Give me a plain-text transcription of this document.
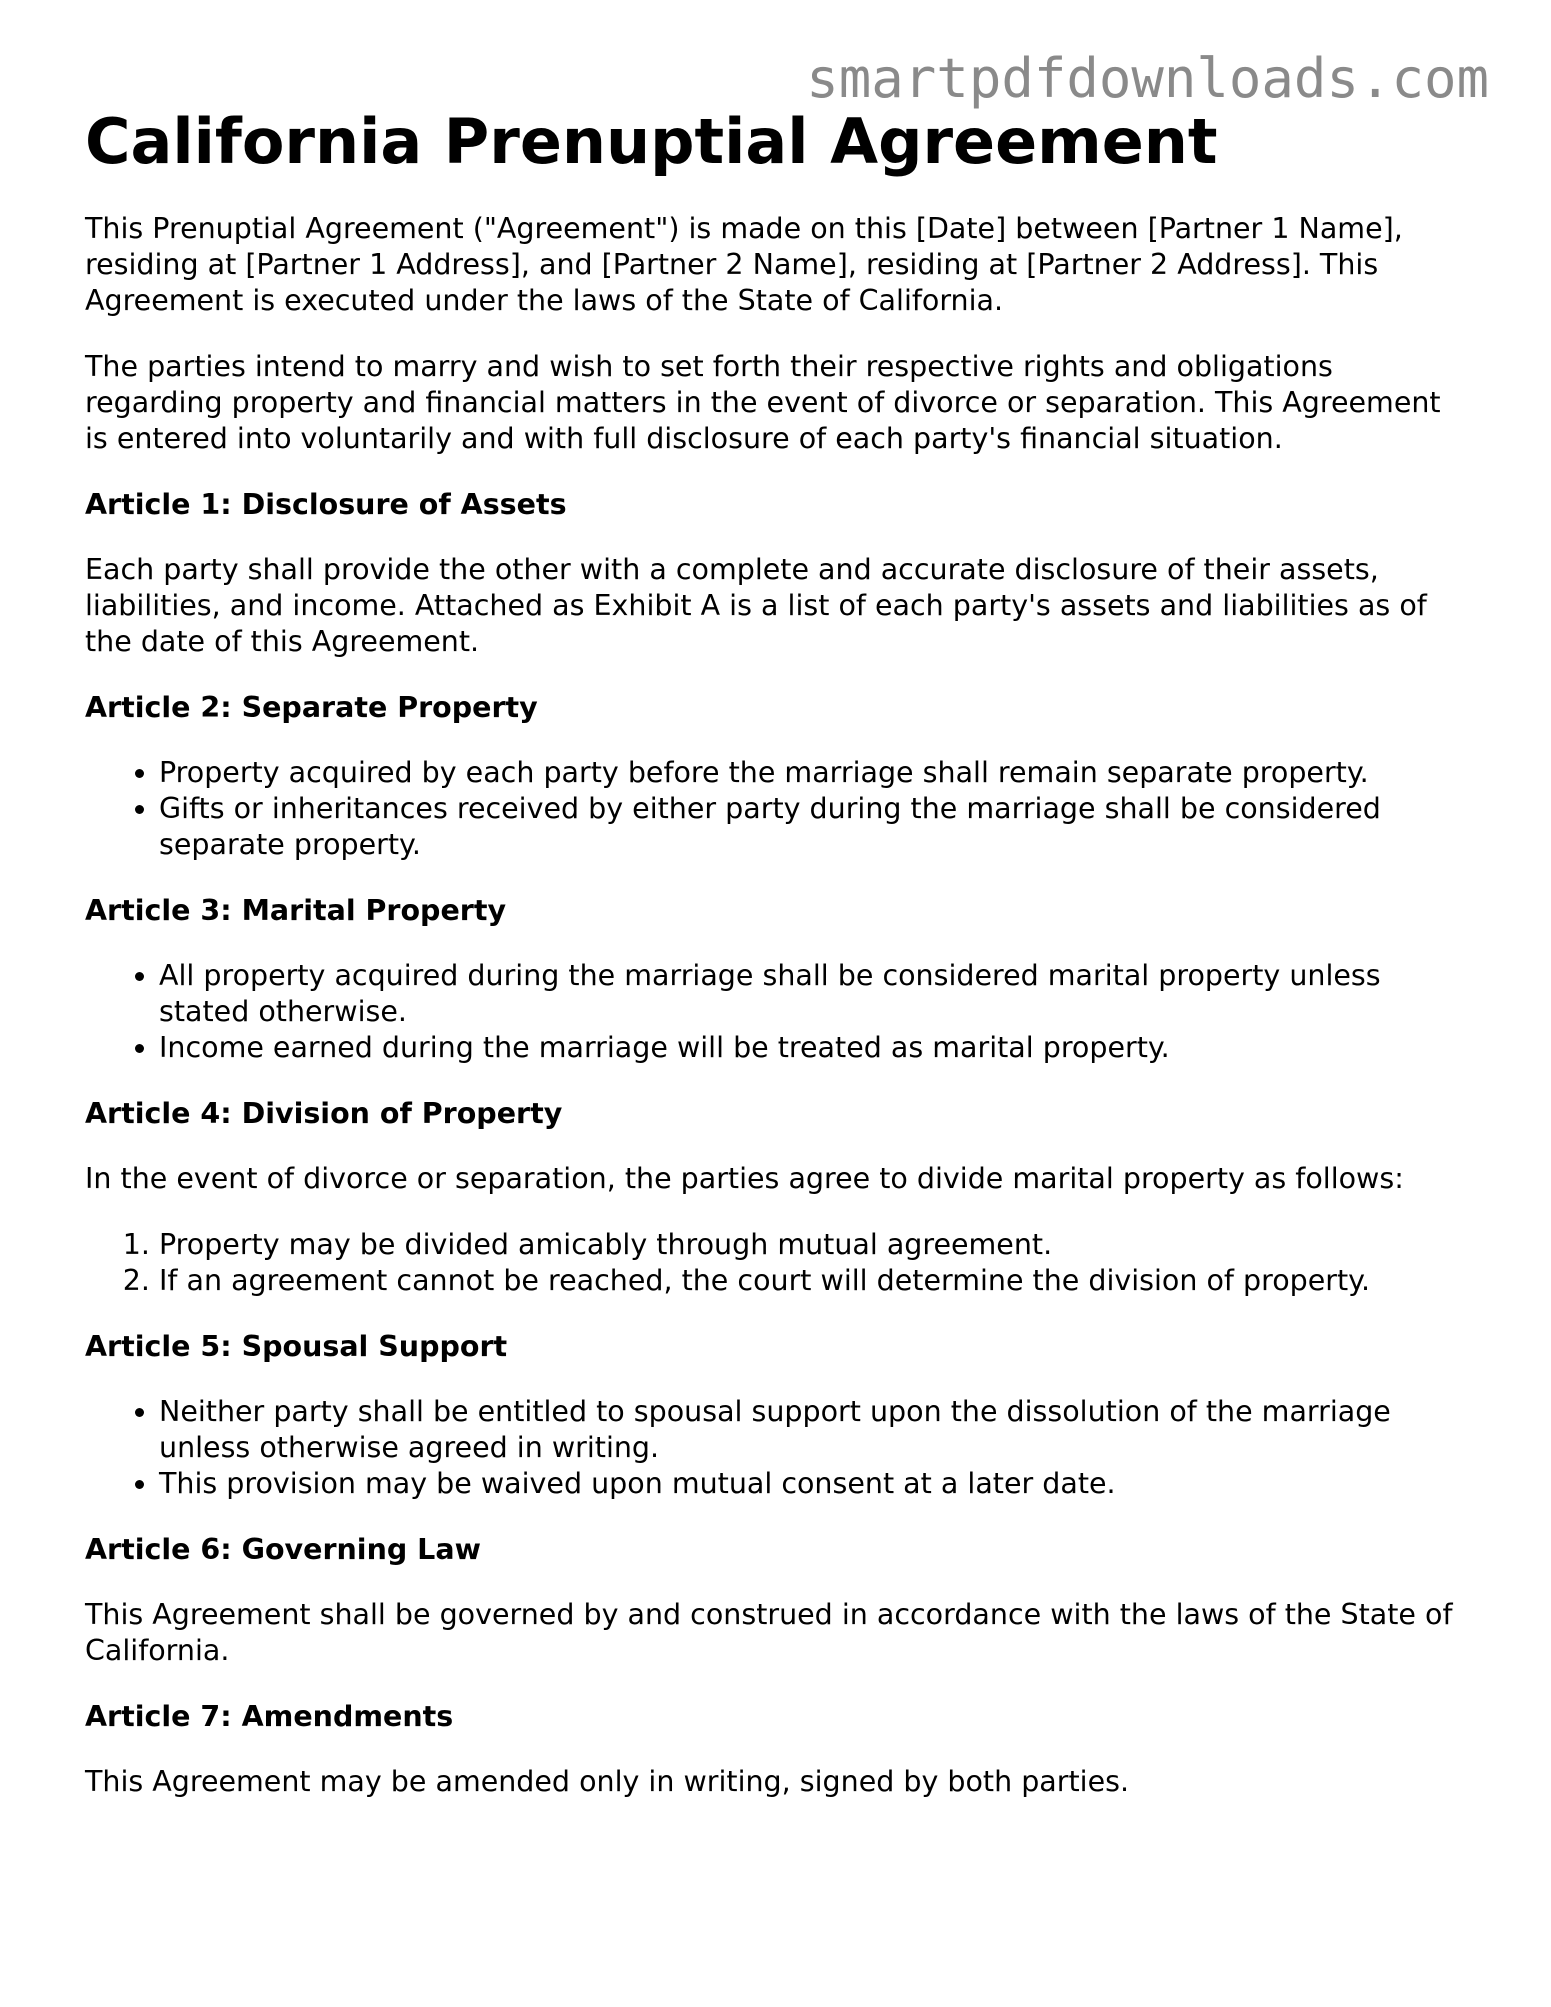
smartpdfdownloads.com
California Prenuptial Agreement

This Prenuptial Agreement ("Agreement") is made on this [Date] between [Partner 1 Name], residing at [Partner 1 Address], and [Partner 2 Name], residing at [Partner 2 Address]. This Agreement is executed under the laws of the State of California.

The parties intend to marry and wish to set forth their respective rights and obligations regarding property and financial matters in the event of divorce or separation. This Agreement is entered into voluntarily and with full disclosure of each party's financial situation.

Article 1: Disclosure of Assets

Each party shall provide the other with a complete and accurate disclosure of their assets, liabilities, and income. Attached as Exhibit A is a list of each party's assets and liabilities as of the date of this Agreement.

Article 2: Separate Property
• Property acquired by each party before the marriage shall remain separate property.
• Gifts or inheritances received by either party during the marriage shall be considered separate property.
Article 3: Marital Property
• All property acquired during the marriage shall be considered marital property unless stated otherwise.
• Income earned during the marriage will be treated as marital property.
Article 4: Division of Property

In the event of divorce or separation, the parties agree to divide marital property as follows:

1. Property may be divided amicably through mutual agreement.
2. If an agreement cannot be reached, the court will determine the division of property.
Article 5: Spousal Support
• Neither party shall be entitled to spousal support upon the dissolution of the marriage unless otherwise agreed in writing.
• This provision may be waived upon mutual consent at a later date.
Article 6: Governing Law

This Agreement shall be governed by and construed in accordance with the laws of the State of California.

Article 7: Amendments

This Agreement may be amended only in writing, signed by both parties.
